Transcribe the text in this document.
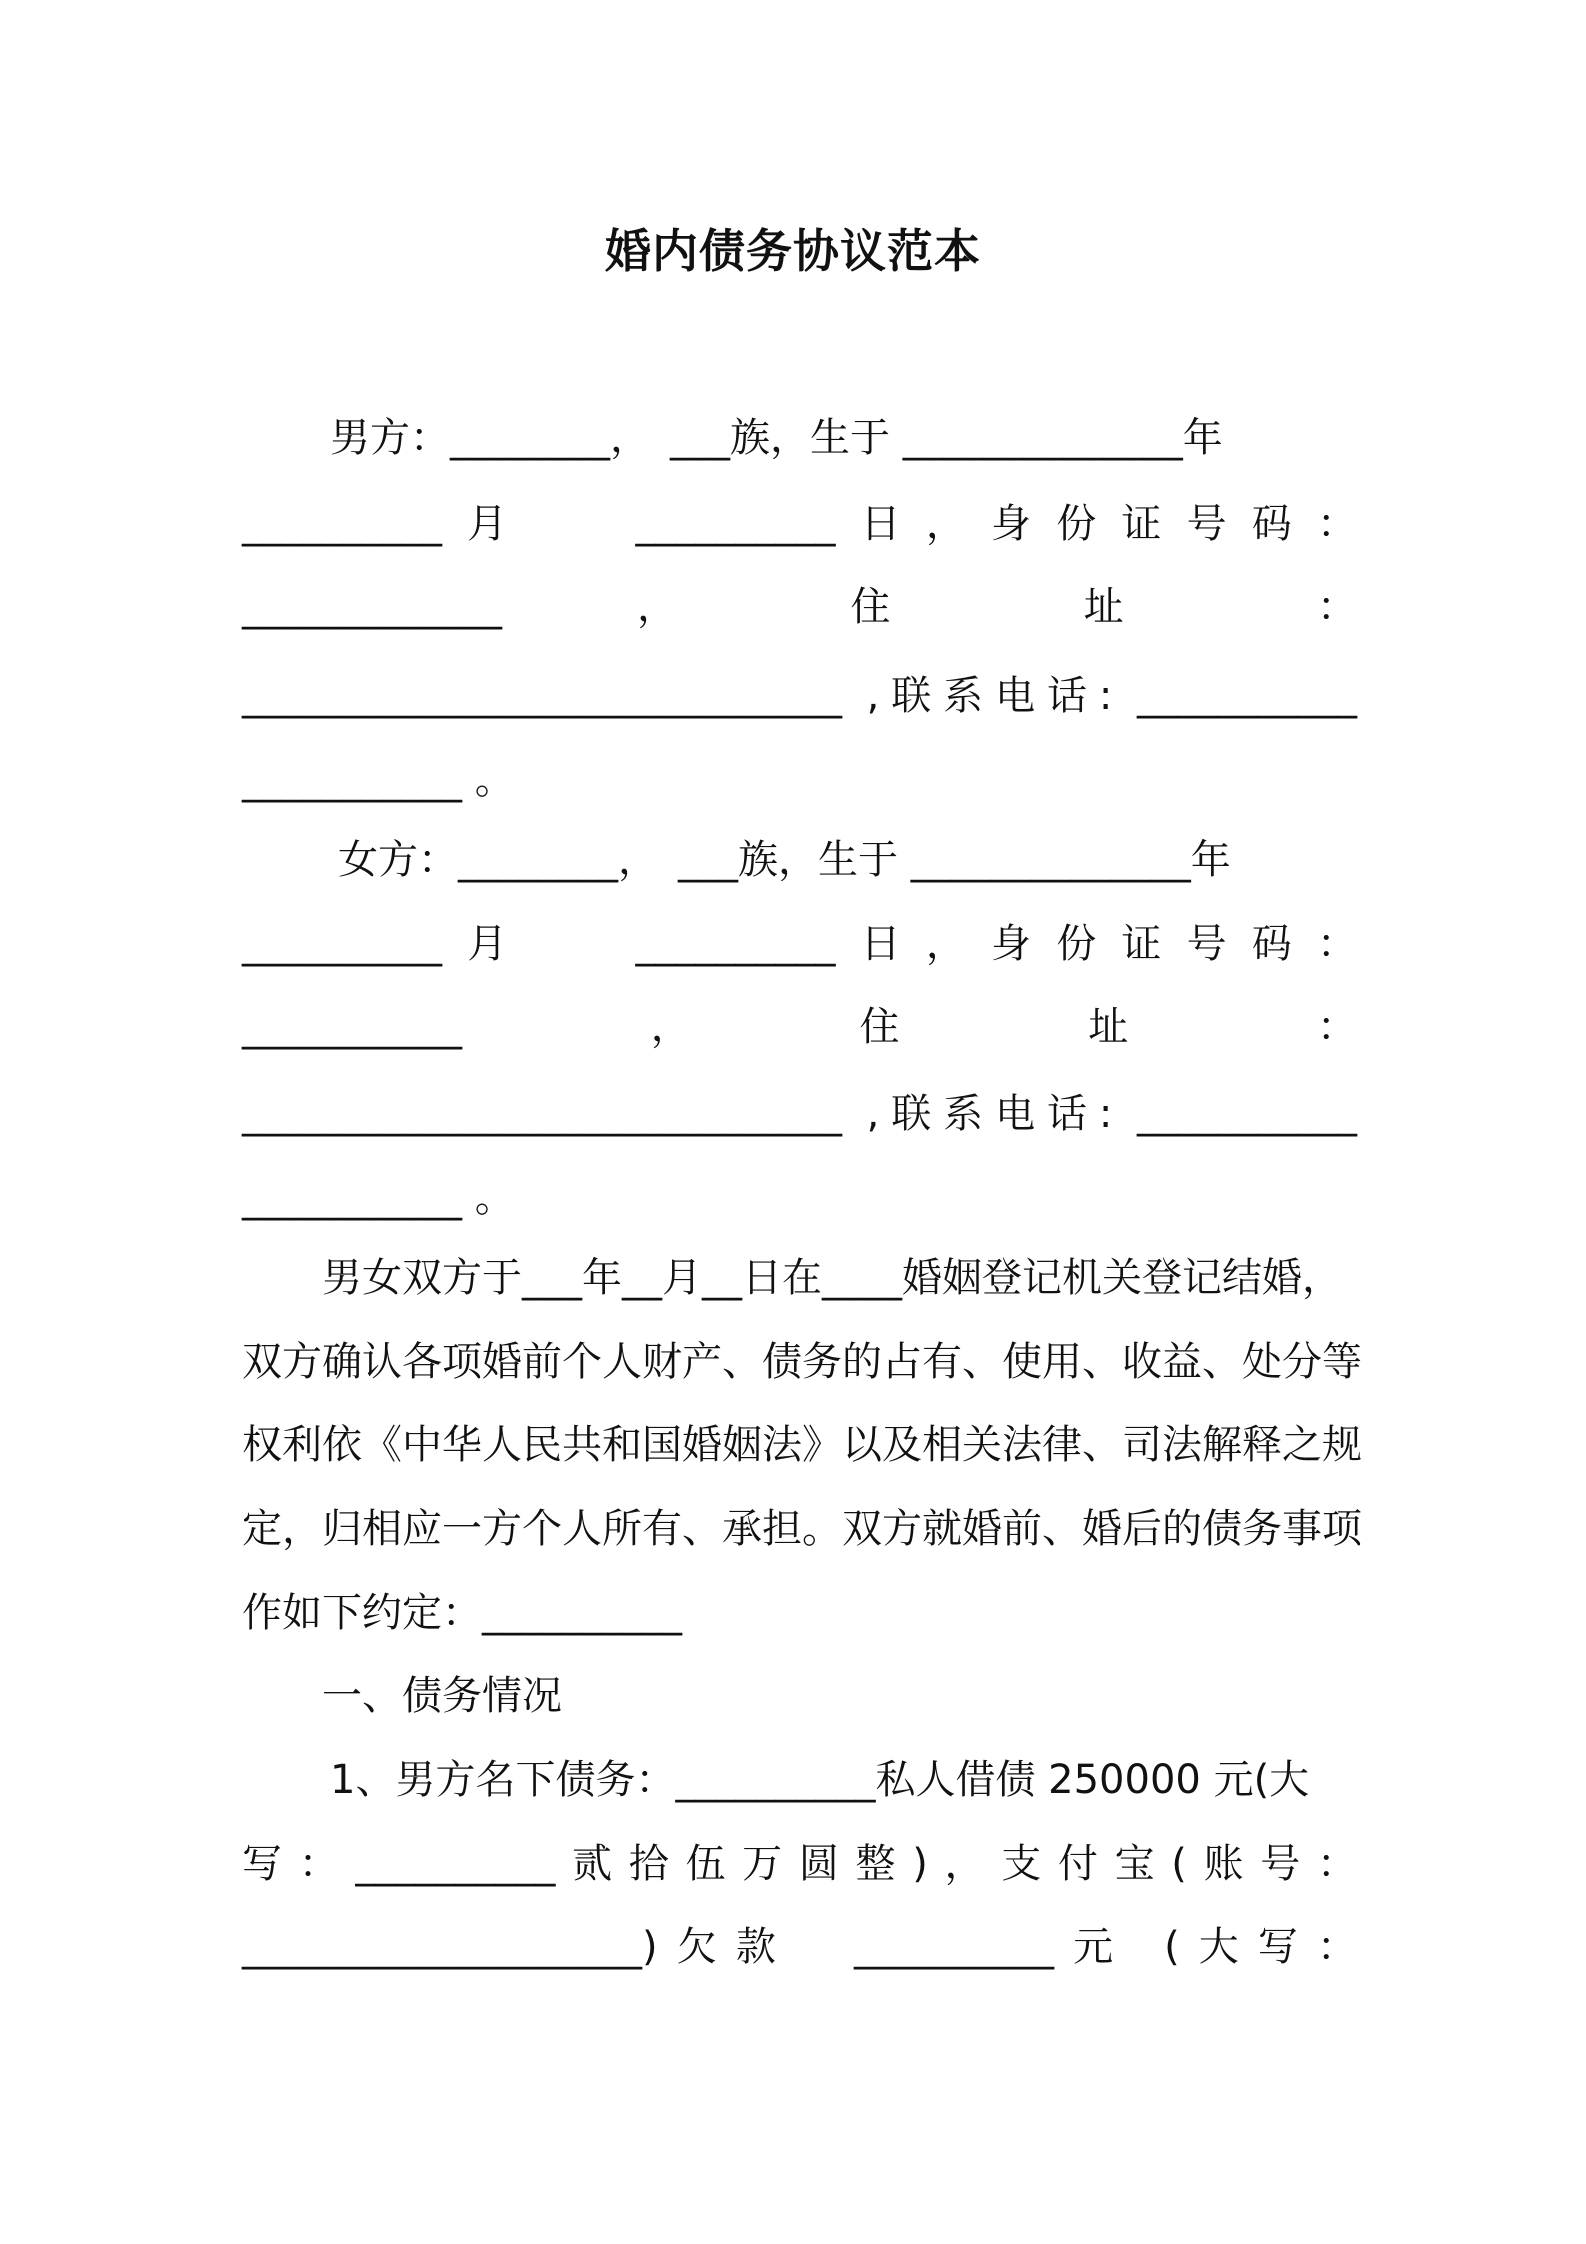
婚内债务协议范本
男方：________，　___族，生于 ______________年
__________月　 __________日，身份证号码：
_____________　　，　　　住　　　址　　　：
______________________________ ,联系电话: ___________
___________ 。
女方：________，　___族，生于 ______________年
__________月　 __________日，身份证号码：
___________　　　，　　　住　　　址　　　：
______________________________ ,联系电话: ___________
___________ 。
男女双方于___年__月__日在____婚姻登记机关登记结婚，
双方确认各项婚前个人财产、债务的占有、使用、收益、处分等
权利依《中华人民共和国婚姻法》以及相关法律、司法解释之规
定，归相应一方个人所有、承担。双方就婚前、婚后的债务事项
作如下约定：__________
一、债务情况
1、男方名下债务：__________私人借债 250000 元(大
写：__________贰拾伍万圆整)，支付宝(账号：
____________________)欠款　__________元 (大写：
